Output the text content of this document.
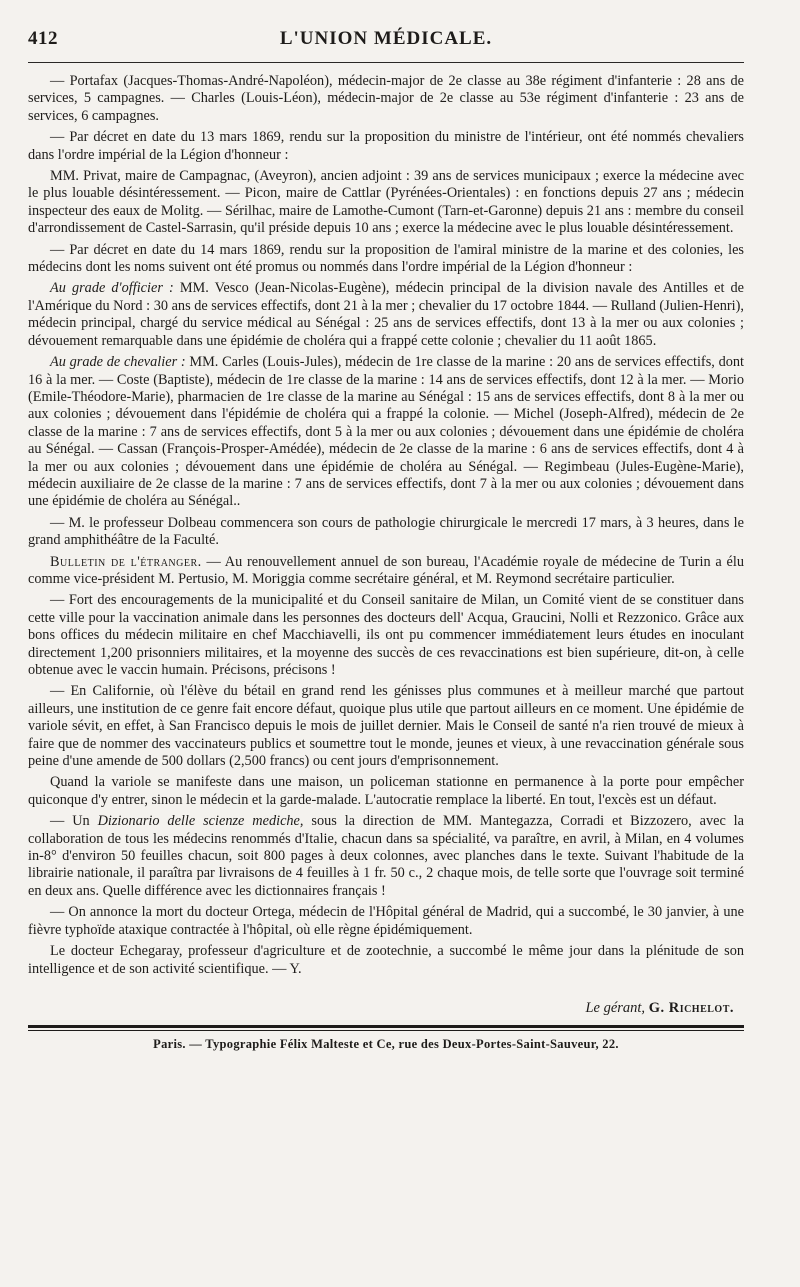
412	L'UNION MÉDICALE.

— Portafax (Jacques-Thomas-André-Napoléon), médecin-major de 2e classe au 38e régiment d'infanterie : 28 ans de services, 5 campagnes. — Charles (Louis-Léon), médecin-major de 2e classe au 53e régiment d'infanterie : 23 ans de services, 6 campagnes.

— Par décret en date du 13 mars 1869, rendu sur la proposition du ministre de l'intérieur, ont été nommés chevaliers dans l'ordre impérial de la Légion d'honneur :

MM. Privat, maire de Campagnac, (Aveyron), ancien adjoint : 39 ans de services municipaux ; exerce la médecine avec le plus louable désintéressement. — Picon, maire de Cattlar (Pyrénées-Orientales) : en fonctions depuis 27 ans ; médecin inspecteur des eaux de Molitg. — Sérilhac, maire de Lamothe-Cumont (Tarn-et-Garonne) depuis 21 ans : membre du conseil d'arrondissement de Castel-Sarrasin, qu'il préside depuis 10 ans ; exerce la médecine avec le plus louable désintéressement.

— Par décret en date du 14 mars 1869, rendu sur la proposition de l'amiral ministre de la marine et des colonies, les médecins dont les noms suivent ont été promus ou nommés dans l'ordre impérial de la Légion d'honneur :

Au grade d'officier : MM. Vesco (Jean-Nicolas-Eugène), médecin principal de la division navale des Antilles et de l'Amérique du Nord : 30 ans de services effectifs, dont 21 à la mer ; chevalier du 17 octobre 1844. — Rulland (Julien-Henri), médecin principal, chargé du service médical au Sénégal : 25 ans de services effectifs, dont 13 à la mer ou aux colonies ; dévouement remarquable dans une épidémie de choléra qui a frappé cette colonie ; chevalier du 11 août 1865.

Au grade de chevalier : MM. Carles (Louis-Jules), médecin de 1re classe de la marine : 20 ans de services effectifs, dont 16 à la mer. — Coste (Baptiste), médecin de 1re classe de la marine : 14 ans de services effectifs, dont 12 à la mer. — Morio (Emile-Théodore-Marie), pharmacien de 1re classe de la marine au Sénégal : 15 ans de services effectifs, dont 8 à la mer ou aux colonies ; dévouement dans l'épidémie de choléra qui a frappé la colonie. — Michel (Joseph-Alfred), médecin de 2e classe de la marine : 7 ans de services effectifs, dont 5 à la mer ou aux colonies ; dévouement dans une épidémie de choléra au Sénégal. — Cassan (François-Prosper-Amédée), médecin de 2e classe de la marine : 6 ans de services effectifs, dont 4 à la mer ou aux colonies ; dévouement dans une épidémie de choléra au Sénégal. — Regimbeau (Jules-Eugène-Marie), médecin auxiliaire de 2e classe de la marine : 7 ans de services effectifs, dont 7 à la mer ou aux colonies ; dévouement dans une épidémie de choléra au Sénégal..

— M. le professeur Dolbeau commencera son cours de pathologie chirurgicale le mercredi 17 mars, à 3 heures, dans le grand amphithéâtre de la Faculté.

Bulletin de l'étranger. — Au renouvellement annuel de son bureau, l'Académie royale de médecine de Turin a élu comme vice-président M. Pertusio, M. Moriggia comme secrétaire général, et M. Reymond secrétaire particulier.

— Fort des encouragements de la municipalité et du Conseil sanitaire de Milan, un Comité vient de se constituer dans cette ville pour la vaccination animale dans les personnes des docteurs dell' Acqua, Graucini, Nolli et Rezzonico. Grâce aux bons offices du médecin militaire en chef Macchiavelli, ils ont pu commencer immédiatement leurs études en inoculant directement 1,200 prisonniers militaires, et la moyenne des succès de ces revaccinations est bien supérieure, dit-on, à celle obtenue avec le vaccin humain. Précisons, précisons !

— En Californie, où l'élève du bétail en grand rend les génisses plus communes et à meilleur marché que partout ailleurs, une institution de ce genre fait encore défaut, quoique plus utile que partout ailleurs en ce moment. Une épidémie de variole sévit, en effet, à San Francisco depuis le mois de juillet dernier. Mais le Conseil de santé n'a rien trouvé de mieux à faire que de nommer des vaccinateurs publics et soumettre tout le monde, jeunes et vieux, à une revaccination générale sous peine d'une amende de 500 dollars (2,500 francs) ou cent jours d'emprisonnement.

Quand la variole se manifeste dans une maison, un policeman stationne en permanence à la porte pour empêcher quiconque d'y entrer, sinon le médecin et la garde-malade. L'autocratie remplace la liberté. En tout, l'excès est un défaut.

— Un Dizionario delle scienze mediche, sous la direction de MM. Mantegazza, Corradi et Bizzozero, avec la collaboration de tous les médecins renommés d'Italie, chacun dans sa spécialité, va paraître, en avril, à Milan, en 4 volumes in-8° d'environ 50 feuilles chacun, soit 800 pages à deux colonnes, avec planches dans le texte. Suivant l'habitude de la librairie nationale, il paraîtra par livraisons de 4 feuilles à 1 fr. 50 c., 2 chaque mois, de telle sorte que l'ouvrage soit terminé en deux ans. Quelle différence avec les dictionnaires français !

— On annonce la mort du docteur Ortega, médecin de l'Hôpital général de Madrid, qui a succombé, le 30 janvier, à une fièvre typhoïde ataxique contractée à l'hôpital, où elle règne épidémiquement.

Le docteur Echegaray, professeur d'agriculture et de zootechnie, a succombé le même jour dans la plénitude de son intelligence et de son activité scientifique. — Y.

Le gérant, G. Richelot.
Paris. — Typographie Félix Malteste et Ce, rue des Deux-Portes-Saint-Sauveur, 22.
